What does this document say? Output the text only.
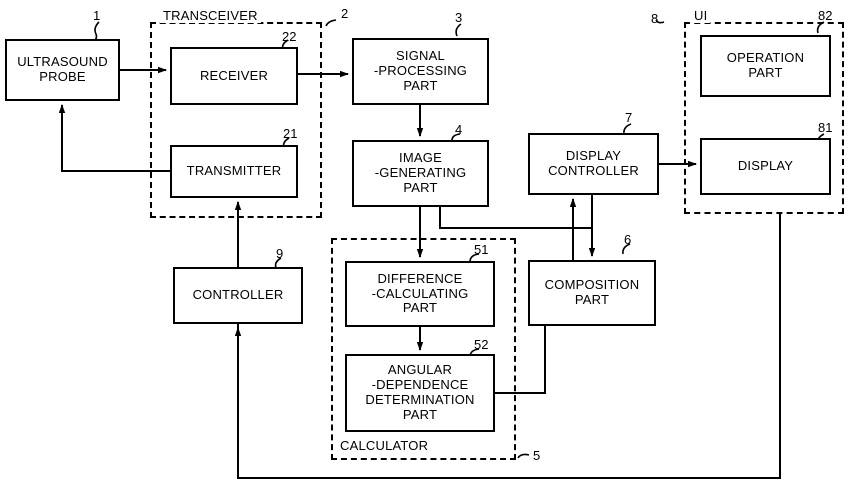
TRANSCEIVER
CALCULATOR
UI
2
5
8
ULTRASOUND
PROBE	RECEIVER
TRANSMITTER
SIGNAL
-PROCESSING
PART
IMAGE
-GENERATING
PART
CONTROLLER
DIFFERENCE
-CALCULATING
PART
ANGULAR
-DEPENDENCE
DETERMINATION
PART
COMPOSITION
PART
DISPLAY
CONTROLLER
OPERATION
PART
DISPLAY
1
22
21
3
4
9	51
52
6
7
82
81
